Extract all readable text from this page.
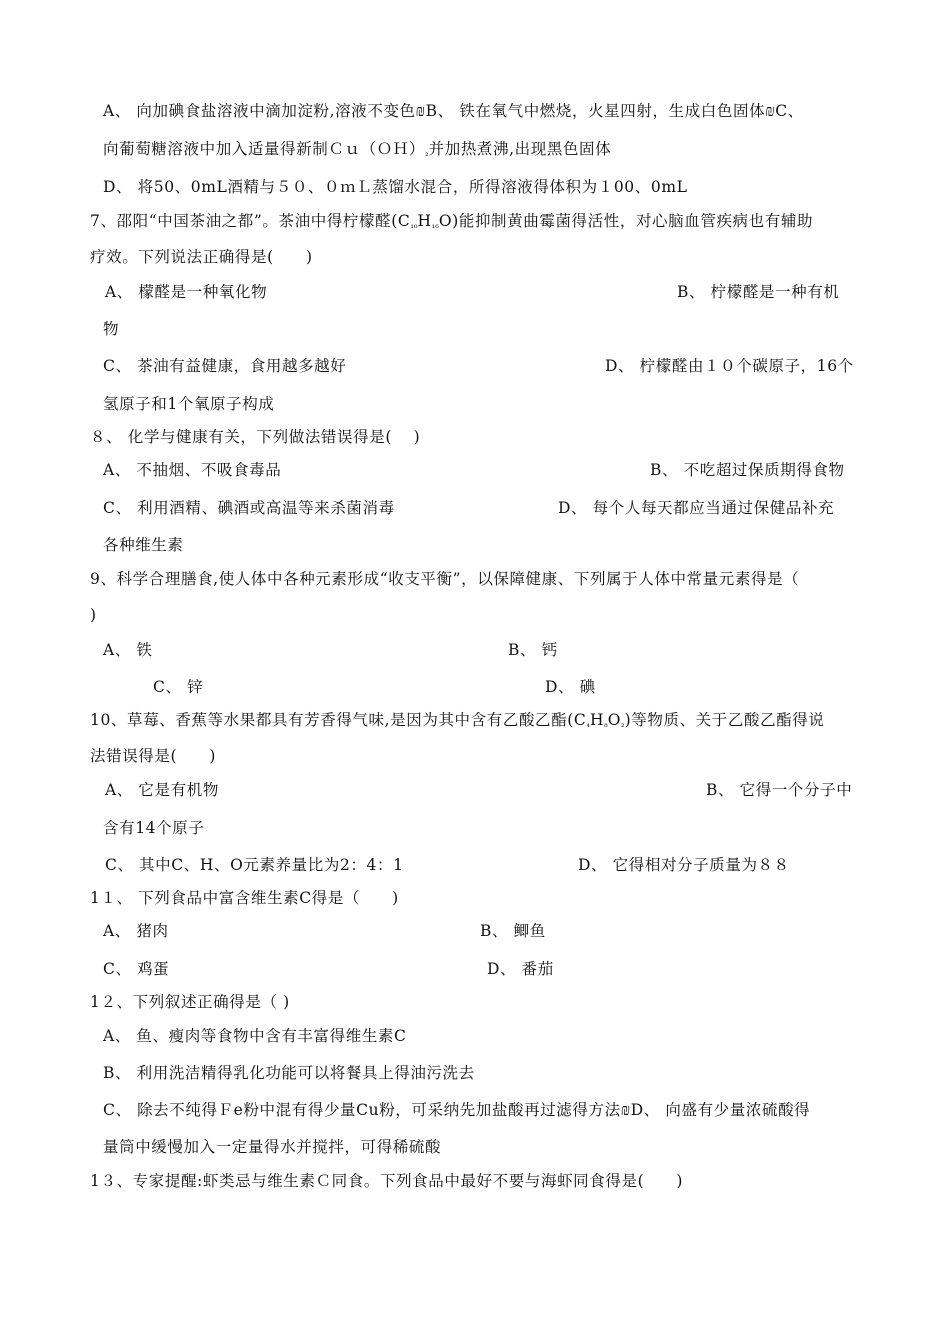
A、 向加碘食盐溶液中滴加淀粉,溶液不变色₪B、 铁在氧气中燃烧，火星四射，生成白色固体₪C、
向葡萄糖溶液中加入适量得新制$Cu(OH)_{_2}$并加热煮沸,出现黑色固体
D、 将50、0mL酒精与５０、０ｍＬ蒸馏水混合，所得溶液得体积为１00、0mL
7、邵阳“中国茶油之都”。茶油中得柠檬醛$(C_{_{10}}H_{_{16}}O)$能抑制黄曲霉菌得活性，对心脑血管疾病也有辅助
疗效。下列说法正确得是(　　)
A、 檬醛是一种氧化物	B、 柠檬醛是一种有机
物
C、 茶油有益健康，食用越多越好	D、 柠檬醛由１０个碳原子，16个
氢原子和1个氧原子构成
８、 化学与健康有关，下列做法错误得是(　 )
A、 不抽烟、不吸食毒品	B、 不吃超过保质期得食物
C、 利用酒精、碘酒或高温等来杀菌消毒	D、 每个人每天都应当通过保健品补充
各种维生素
9、科学合理膳食,使人体中各种元素形成“收支平衡”，以保障健康、下列属于人体中常量元素得是（
)
A、 铁	B、 钙
C、 锌	D、 碘
10、草莓、香蕉等水果都具有芳香得气味,是因为其中含有乙酸乙酯$(C_{_4}H_{_8}O_{_2})$等物质、关于乙酸乙酯得说
法错误得是(　　)
A、 它是有机物	B、 它得一个分子中
含有14个原子
C、 其中C、H、O元素养量比为2：4：1	D、 它得相对分子质量为８８
1１、 下列食品中富含维生素C得是（　　)
A、 猪肉	B、 鲫鱼
C、 鸡蛋	D、 番茄
1２、下列叙述正确得是（ )
A、 鱼、瘦肉等食物中含有丰富得维生素C
B、 利用洗洁精得乳化功能可以将餐具上得油污洗去
C、 除去不纯得Ｆe粉中混有得少量Cu粉，可采纳先加盐酸再过滤得方法₪D、 向盛有少量浓硫酸得
量筒中缓慢加入一定量得水并搅拌，可得稀硫酸
1３、专家提醒:虾类忌与维生素Ｃ同食。下列食品中最好不要与海虾同食得是(　　)
